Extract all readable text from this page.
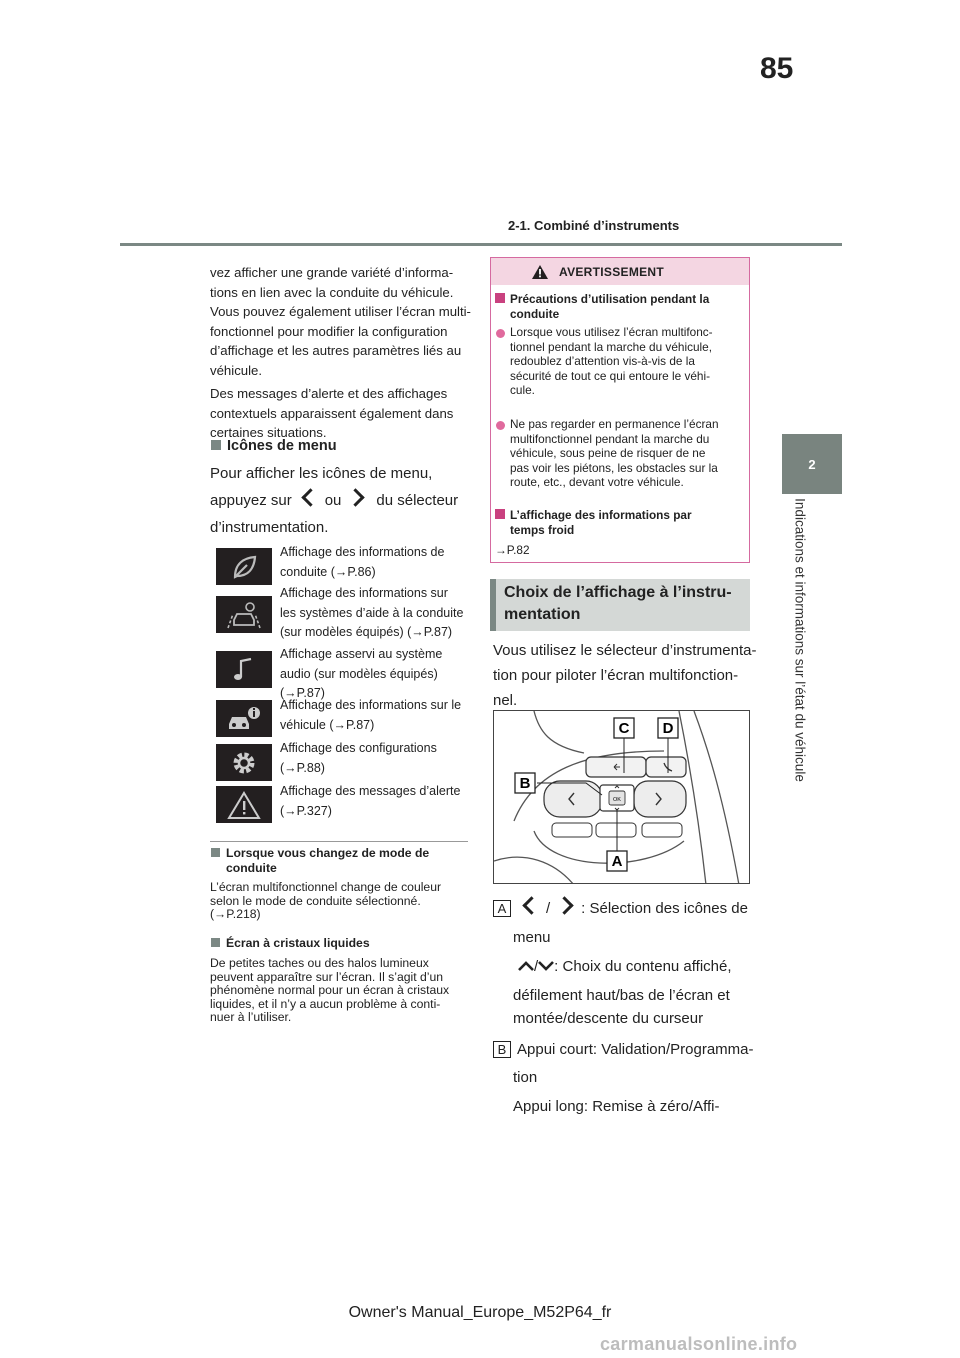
85
2-1. Combiné d’instruments
2
Indications et informations sur l’état du véhicule
vez afficher une grande variété d’informa-
tions en lien avec la conduite du véhicule.
Vous pouvez également utiliser l’écran multi-
fonctionnel pour modifier la configuration
d’affichage et les autres paramètres liés au
véhicule.
Des messages d’alerte et des affichages
contextuels apparaissent également dans
certaines situations.
Icônes de menu
Pour afficher les icônes de menu,
appuyez sur ou du sélecteur
d’instrumentation.
Affichage des informations de
conduite (→P.86)
Affichage des informations sur
les systèmes d’aide à la conduite
(sur modèles équipés) (→P.87)
Affichage asservi au système
audio (sur modèles équipés)
(→P.87)
Affichage des informations sur le
véhicule (→P.87)
Affichage des configurations
(→P.88)
Affichage des messages d’alerte
(→P.327)
Lorsque vous changez de mode de
conduite
L’écran multifonctionnel change de couleur
selon le mode de conduite sélectionné.
(→P.218)
Écran à cristaux liquides
De petites taches ou des halos lumineux
peuvent apparaître sur l’écran. Il s’agit d’un
phénomène normal pour un écran à cristaux
liquides, et il n’y a aucun problème à conti-
nuer à l’utiliser.
AVERTISSEMENT
Précautions d’utilisation pendant la
conduite
Lorsque vous utilisez l’écran multifonc-
tionnel pendant la marche du véhicule,
redoublez d’attention vis-à-vis de la
sécurité de tout ce qui entoure le véhi-
cule.
Ne pas regarder en permanence l’écran
multifonctionnel pendant la marche du
véhicule, sous peine de risquer de ne
pas voir les piétons, les obstacles sur la
route, etc., devant votre véhicule.
L’affichage des informations par
temps froid
→P.82
Choix de l’affichage à l’instru-
mentation
Vous utilisez le sélecteur d’instrumenta-
tion pour piloter l’écran multifonction-
nel.
OK
C D
B
A
A	/ : Sélection des icônes de
menu
/ : Choix du contenu affiché,
défilement haut/bas de l’écran et
montée/descente du curseur
B Appui court: Validation/Programma-
tion
Appui long: Remise à zéro/Affi-
Owner's Manual_Europe_M52P64_fr
carmanualsonline.info
